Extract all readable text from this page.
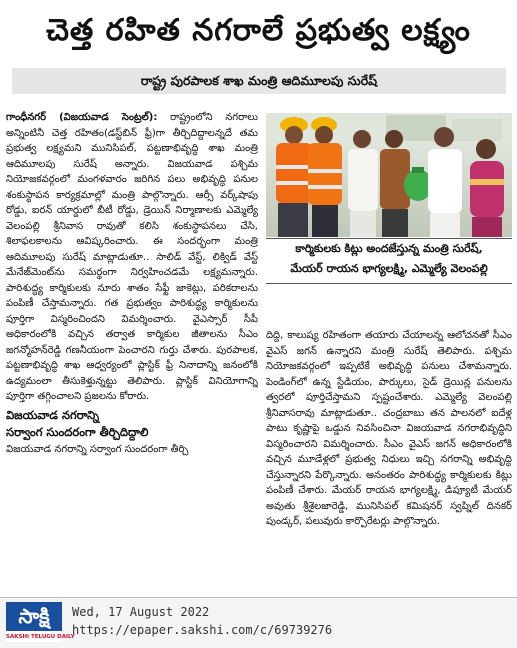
చెత్త రహిత నగరాలే ప్రభుత్వ లక్ష్యం
రాష్ట్ర పురపాలక శాఖ మంత్రి ఆదిమూలపు సురేష్

గాంధీనగర్ (విజయవాడ సెంట్రల్): రాష్ట్రంలోని నగరాలు అన్నింటినీ చెత్త రహితం(డస్ట్‌బిన్ ఫ్రీ)గా తీర్చిదిద్దాలన్నదే తమ ప్రభుత్వ లక్ష్యమని మునిసిపల్, పట్టణాభివృద్ధి శాఖ మంత్రి ఆదిమూలపు సురేష్ అన్నారు. విజయవాడ పశ్చిమ నియోజకవర్గంలో మంగళవారం జరిగిన పలు అభివృద్ధి పనుల శంకుస్థాపన కార్యక్రమాల్లో మంత్రి పాల్గొన్నారు. ఆర్సీ వర్క్‌షాపు రోడ్డు, ఐరన్ యార్డులో బీటీ రోడ్డు, డ్రెయిన్ నిర్మాణాలకు ఎమ్మెల్యే వెలంపల్లి శ్రీనివాస రావుతో కలిసి శంకుస్థాపనలు చేసి, శిలాఫలకాలను ఆవిష్కరించారు. ఈ సందర్భంగా మంత్రి ఆదిమూలపు సురేష్ మాట్లాడుతూ.. సాలిడ్ వేస్ట్, లిక్విడ్ వేస్ట్ మేనేజ్‌మెంట్‌ను సమర్థంగా నిర్వహించడమే లక్ష్యమన్నారు. పారిశుద్ధ్య కార్మికులకు నూరు శాతం సేఫ్టీ జాకెట్లు, పరికరాలను పంపిణీ చేస్తామన్నారు. గత ప్రభుత్వం పారిశుద్ధ్య కార్మికులను పూర్తిగా విస్మరించిందని విమర్శించారు. వైఎస్సార్ సీపీ అధికారంలోకి వచ్చిన తర్వాత కార్మికుల జీతాలను సీఎం జగన్మోహన్‌రెడ్డి గణనీయంగా పెంచారని గుర్తు చేశారు. పురపాలక, పట్టణాభివృద్ధి శాఖ ఆధ్వర్యంలో ప్లాస్టిక్ ఫ్రీ నినాదాన్ని జనంలోకి ఉద్యమంలా తీసుకెళ్తున్నట్టు తెలిపారు. ప్లాస్టిక్ వినియోగాన్ని పూర్తిగా తగ్గించాలని ప్రజలను కోరారు.

విజయవాడ నగరాన్ని
సర్వాంగ సుందరంగా తీర్చిదిద్దాలి

విజయవాడ నగరాన్ని సర్వాంగ సుందరంగా తీర్చి

కార్మికులకు కిట్లు అందజేస్తున్న మంత్రి సురేష్,
మేయర్ రాయన భాగ్యలక్ష్మి, ఎమ్మెల్యే వెలంపల్లి

దిద్ది, కాలుష్య రహితంగా తయారు చేయాలన్న ఆలోచనతో సీఎం వైఎస్ జగన్ ఉన్నారని మంత్రి సురేష్ తెలిపారు. పశ్చిమ నియోజకవర్గంలో ఇప్పటికే అభివృద్ధి పనులు చేశామన్నారు. పెండింగ్‌లో ఉన్న స్టేడియం, పార్కులు, సైడ్ డ్రెయిన్ల పనులను త్వరలో పూర్తిచేస్తామని స్పష్టంచేశారు. ఎమ్మెల్యే వెలంపల్లి శ్రీనివాసరావు మాట్లాడుతూ.. చంద్రబాబు తన పాలనలో ఐదేళ్ల పాటు కృష్ణాపై ఒడ్డున నివసించినా విజయవాడ నగరాభివృద్ధిని విస్మరించారని విమర్శించారు. సీఎం వైఎస్ జగన్ అధికారంలోకి వచ్చిన మూడేళ్లలో ప్రభుత్వ నిధులు ఇచ్చి నగరాన్ని అభివృద్ధి చేస్తున్నారని పేర్కొన్నారు. అనంతరం పారిశుద్ధ్య కార్మికులకు కిట్లు పంపిణీ చేశారు. మేయర్ రాయన భాగ్యలక్ష్మి, డిప్యూటీ మేయర్ అవుతు శ్రీశైలజారెడ్డి, మునిసిపల్ కమిషనర్ స్వప్నిల్ దినకర్ పుండ్కర్, పలువురు కార్పొరేటర్లు పాల్గొన్నారు.

సాక్షి
SAKSHI TELUGU DAILY
Wed, 17 August 2022
https://epaper.sakshi.com/c/69739276
